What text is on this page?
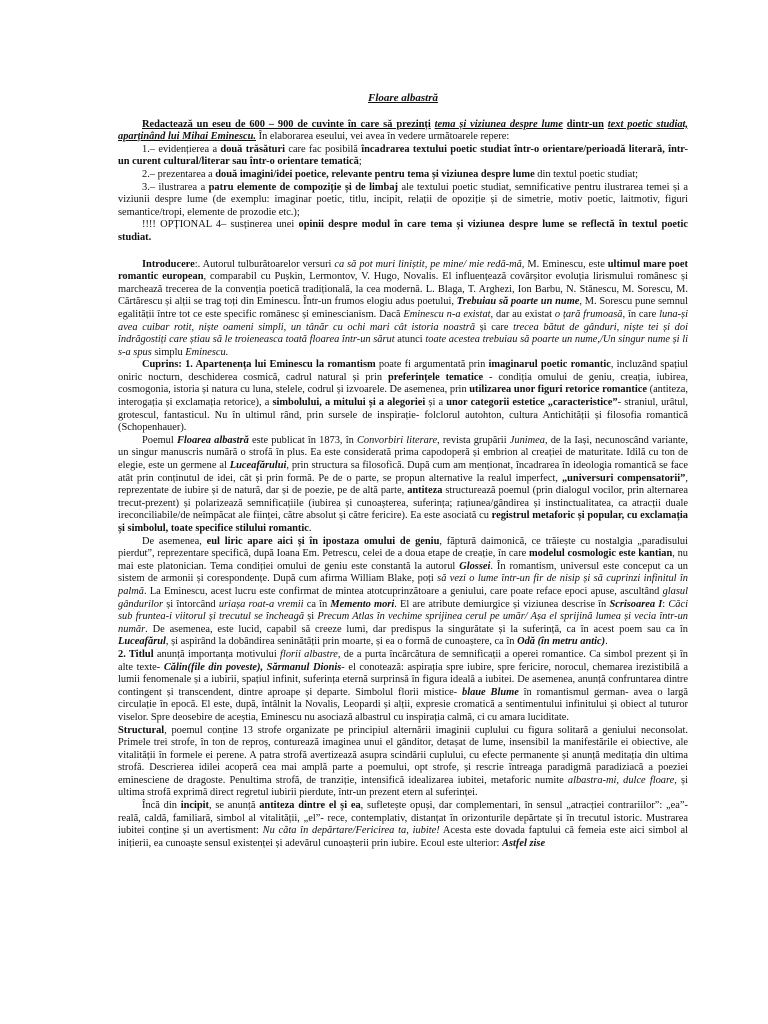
Floare albastră

Redactează un eseu de 600 – 900 de cuvinte în care să prezinți tema și viziunea despre lume dintr-un text poetic studiat, aparținând lui Mihai Eminescu. În elaborarea eseului, vei avea în vedere următoarele repere:

1.– evidențierea a două trăsături care fac posibilă încadrarea textului poetic studiat într-o orientare/perioadă literară, într-un curent cultural/literar sau într-o orientare tematică;

2.– prezentarea a două imagini/idei poetice, relevante pentru tema și viziunea despre lume din textul poetic studiat;

3.– ilustrarea a patru elemente de compoziție și de limbaj ale textului poetic studiat, semnificative pentru ilustrarea temei și a viziunii despre lume (de exemplu: imaginar poetic, titlu, incipit, relații de opoziție și de simetrie, motiv poetic, laitmotiv, figuri semantice/tropi, elemente de prozodie etc.);

!!!! OPȚIONAL 4– susținerea unei opinii despre modul în care tema și viziunea despre lume se reflectă în textul poetic studiat.

Introducere:. Autorul tulburătoarelor versuri ca să pot muri liniștit, pe mine/ mie redă-mă, M. Eminescu, este ultimul mare poet romantic european, comparabil cu Pușkin, Lermontov, V. Hugo, Novalis. El influențează covârșitor evoluția lirismului românesc și marchează trecerea de la convenția poetică tradițională, la cea modernă. L. Blaga, T. Arghezi, Ion Barbu, N. Stănescu, M. Sorescu, M. Cărtărescu și alții se trag toți din Eminescu. Într-un frumos elogiu adus poetului, Trebuiau să poarte un nume, M. Sorescu pune semnul egalității între tot ce este specific românesc și eminescianism. Dacă Eminescu n-a existat, dar au existat o țară frumoasă, în care luna-și avea cuibar rotit, niște oameni simpli, un tânăr cu ochi mari cât istoria noastră și care trecea bătut de gânduri, niște tei și doi îndrăgostiți care știau să le troieneasca toată floarea într-un sărut atunci toate acestea trebuiau să poarte un nume,/Un singur nume și li s-a spus simplu Eminescu.

Cuprins: 1. Apartenența lui Eminescu la romantism poate fi argumentată prin imaginarul poetic romantic, incluzând spațiul oniric nocturn, deschiderea cosmică, cadrul natural și prin preferințele tematice - condiția omului de geniu, creația, iubirea, cosmogonia, istoria și natura cu luna, stelele, codrul și izvoarele. De asemenea, prin utilizarea unor figuri retorice romantice (antiteza, interogația și exclamația retorice), a simbolului, a mitului și a alegoriei și a unor categorii estetice „caracteristice”- straniul, urâtul, grotescul, fantasticul. Nu în ultimul rând, prin sursele de inspirație- folclorul autohton, cultura Antichității și filosofia romantică (Schopenhauer).

Poemul Floarea albastră este publicat în 1873, în Convorbiri literare, revista grupării Junimea, de la Iași, necunoscând variante, un singur manuscris numără o strofă în plus. Ea este considerată prima capodoperă și embrion al creației de maturitate. Idilă cu ton de elegie, este un germene al Luceafărului, prin structura sa filosofică. După cum am menționat, încadrarea în ideologia romantică se face atât prin conținutul de idei, cât și prin formă. Pe de o parte, se propun alternative la realul imperfect, „universuri compensatorii”, reprezentate de iubire și de natură, dar și de poezie, pe de altă parte, antiteza structurează poemul (prin dialogul vocilor, prin alternarea trecut-prezent) și polarizează semnificațiile (iubirea și cunoașterea, suferința; rațiunea/gândirea și instinctualitatea, ca atracții duale ireconciliabile/de neîmpăcat ale ființei, către absolut și către fericire). Ea este asociată cu registrul metaforic și popular, cu exclamația și simbolul, toate specifice stilului romantic.

De asemenea, eul liric apare aici și în ipostaza omului de geniu, făptură daimonică, ce trăiește cu nostalgia „paradisului pierdut”, reprezentare specifică, după Ioana Em. Petrescu, celei de a doua etape de creație, în care modelul cosmologic este kantian, nu mai este platonician. Tema condiției omului de geniu este constantă la autorul Glossei. În romantism, universul este conceput ca un sistem de armonii și corespondențe. După cum afirma William Blake, poți să vezi o lume într-un fir de nisip și să cuprinzi infinitul în palmă. La Eminescu, acest lucru este confirmat de mintea atotcuprinzătoare a geniului, care poate reface epoci apuse, ascultând glasul gândurilor și întorcând uriașa roat-a vremii ca în Memento mori. El are atribute demiurgice și viziunea descrise în Scrisoarea I: Căci sub fruntea-i viitorul și trecutul se încheagă și Precum Atlas în vechime sprijinea cerul pe umăr/ Așa el sprijină lumea și vecia într-un număr. De asemenea, este lucid, capabil să creeze lumi, dar predispus la singurătate și la suferință, ca în acest poem sau ca în Luceafărul, și aspirând la dobândirea seninătății prin moarte, și ea o formă de cunoaștere, ca în Odă (în metru antic).

2. Titlul anunță importanța motivului florii albastre, de a purta încărcătura de semnificații a operei romantice. Ca simbol prezent și în alte texte- Călin(file din poveste), Sărmanul Dionis- el conotează: aspirația spre iubire, spre fericire, norocul, chemarea irezistibilă a lumii fenomenale și a iubirii, spațiul infinit, suferința eternă surprinsă în figura ideală a iubitei. De asemenea, anunță confruntarea dintre contingent și transcendent, dintre aproape și departe. Simbolul florii mistice- blaue Blume în romantismul german- avea o largă circulație în epocă. El este, după, întâlnit la Novalis, Leopardi și alții, expresie cromatică a sentimentului infinitului și obiect al tuturor viselor. Spre deosebire de aceștia, Eminescu nu asociază albastrul cu inspirația calmă, ci cu amara luciditate.

Structural, poemul conține 13 strofe organizate pe principiul alternării imaginii cuplului cu figura solitară a geniului neconsolat. Primele trei strofe, în ton de reproș, conturează imaginea unui el gânditor, detașat de lume, insensibil la manifestările ei obiective, ale vitalității în formele ei perene. A patra strofă avertizează asupra scindării cuplului, cu efecte permanente și anunță meditația din ultima strofă. Descrierea idilei acoperă cea mai amplă parte a poemului, opt strofe, și rescrie întreaga paradigmă paradiziacă a poeziei eminesciene de dragoste. Penultima strofă, de tranziție, intensifică idealizarea iubitei, metaforic numite albastra-mi, dulce floare, și ultima strofă exprimă direct regretul iubirii pierdute, într-un prezent etern al suferinței.

Încă din incipit, se anunță antiteza dintre el și ea, sufletește opuși, dar complementari, în sensul „atracției contrariilor”: „ea”- reală, caldă, familiară, simbol al vitalității, „el”- rece, contemplativ, distanțat în orizonturile depărtate și în trecutul istoric. Mustrarea iubitei conține și un avertisment: Nu căta în depărtare/Fericirea ta, iubite! Acesta este dovada faptului că femeia este aici simbol al inițierii, ea cunoaște sensul existenței și adevărul cunoașterii prin iubire. Ecoul este ulterior: Astfel zise
